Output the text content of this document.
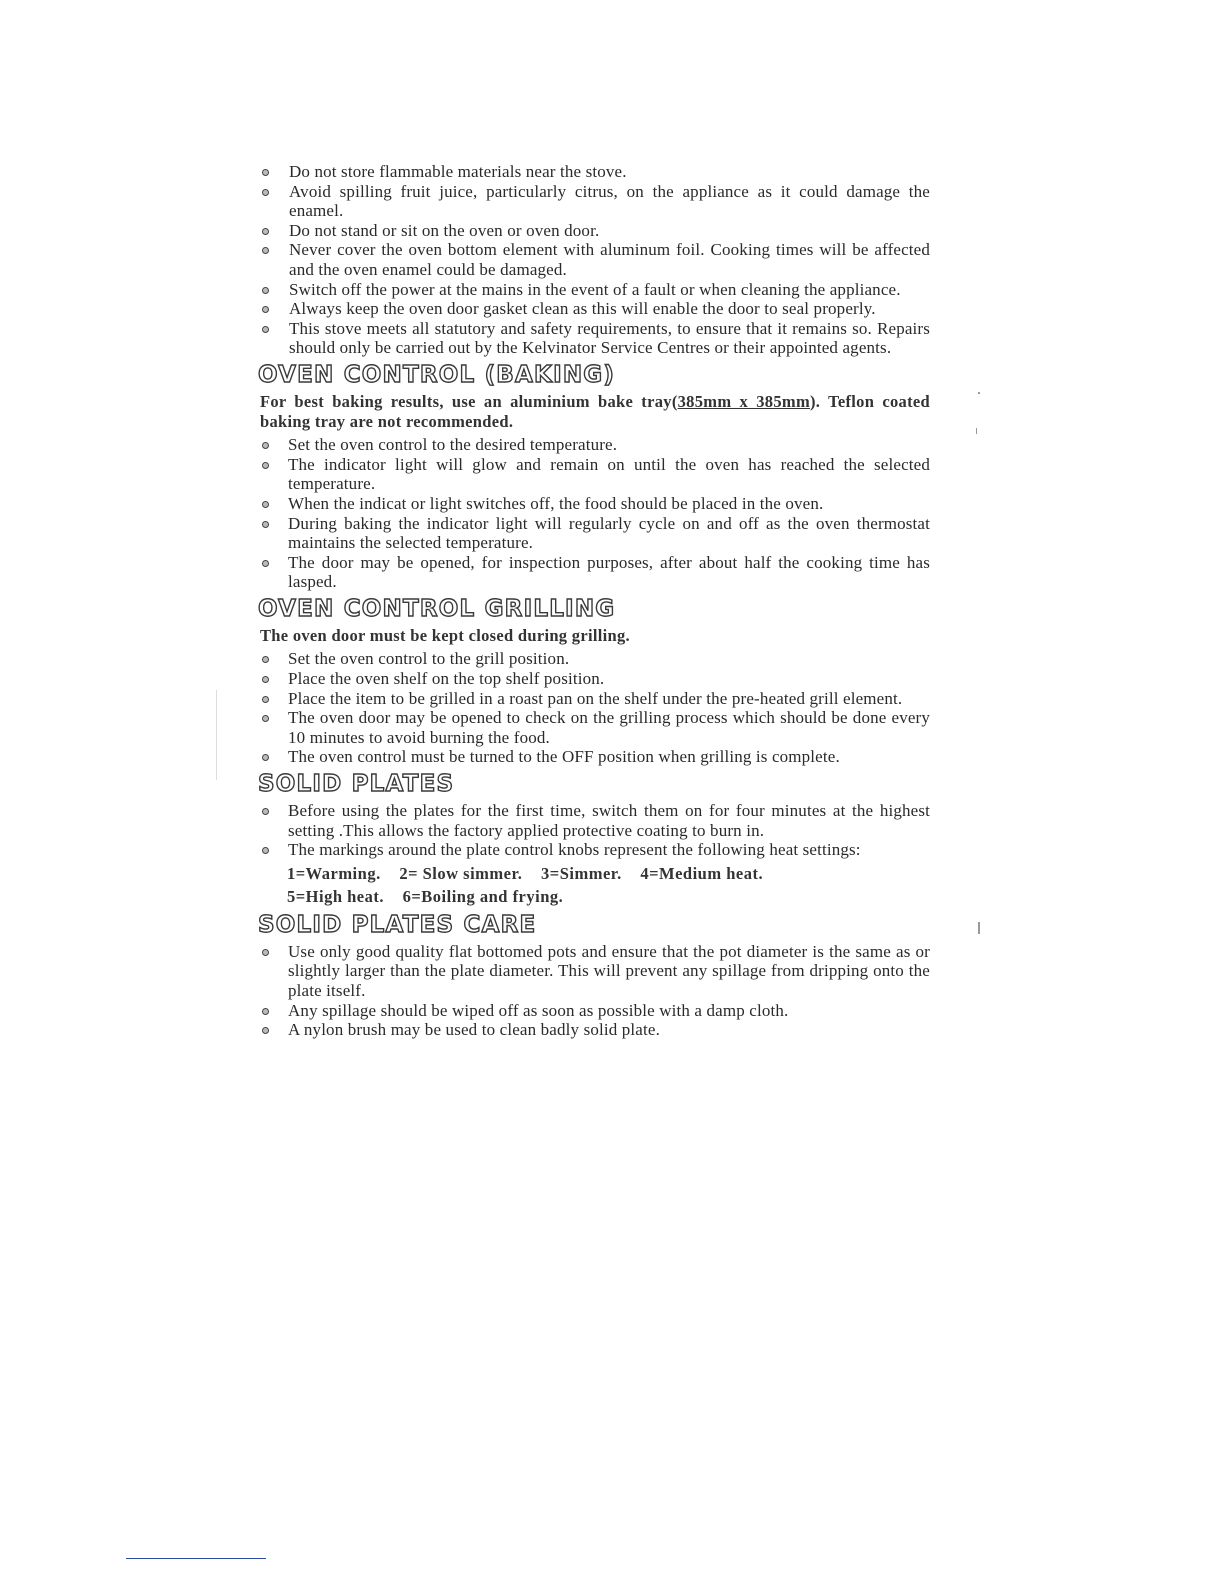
Do not store flammable materials near the stove.
Avoid spilling fruit juice, particularly citrus, on the appliance as it could damage the enamel.
Do not stand or sit on the oven or oven door.
Never cover the oven bottom element with aluminum foil. Cooking times will be affected and the oven enamel could be damaged.
Switch off the power at the mains in the event of a fault or when cleaning the appliance.
Always keep the oven door gasket clean as this will enable the door to seal properly.
This stove meets all statutory and safety requirements, to ensure that it remains so. Repairs should only be carried out by the Kelvinator Service Centres or their appointed agents.
OVEN CONTROL (BAKING)
For best baking results, use an aluminium bake tray(385mm x 385mm). Teflon coated baking tray are not recommended.
Set the oven control to the desired temperature.
The indicator light will glow and remain on until the oven has reached the selected temperature.
When the indicat or light switches off, the food should be placed in the oven.
During baking the indicator light will regularly cycle on and off as the oven thermostat maintains the selected temperature.
The door may be opened, for inspection purposes, after about half the cooking time has lasped.
OVEN CONTROL GRILLING
The oven door must be kept closed during grilling.
Set the oven control to the grill position.
Place the oven shelf on the top shelf position.
Place the item to be grilled in a roast pan on the shelf under the pre-heated grill element.
The oven door may be opened to check on the grilling process which should be done every 10 minutes to avoid burning the food.
The oven control must be turned to the OFF position when grilling is complete.
SOLID PLATES
Before using the plates for the first time, switch them on for four minutes at the highest setting .This allows the factory applied protective coating to burn in.
The markings around the plate control knobs represent the following heat settings:
1=Warming. 2= Slow simmer. 3=Simmer. 4=Medium heat.
5=High heat. 6=Boiling and frying.
SOLID PLATES CARE
Use only good quality flat bottomed pots and ensure that the pot diameter is the same as or slightly larger than the plate diameter. This will prevent any spillage from dripping onto the plate itself.
Any spillage should be wiped off as soon as possible with a damp cloth.
A nylon brush may be used to clean badly solid plate.
